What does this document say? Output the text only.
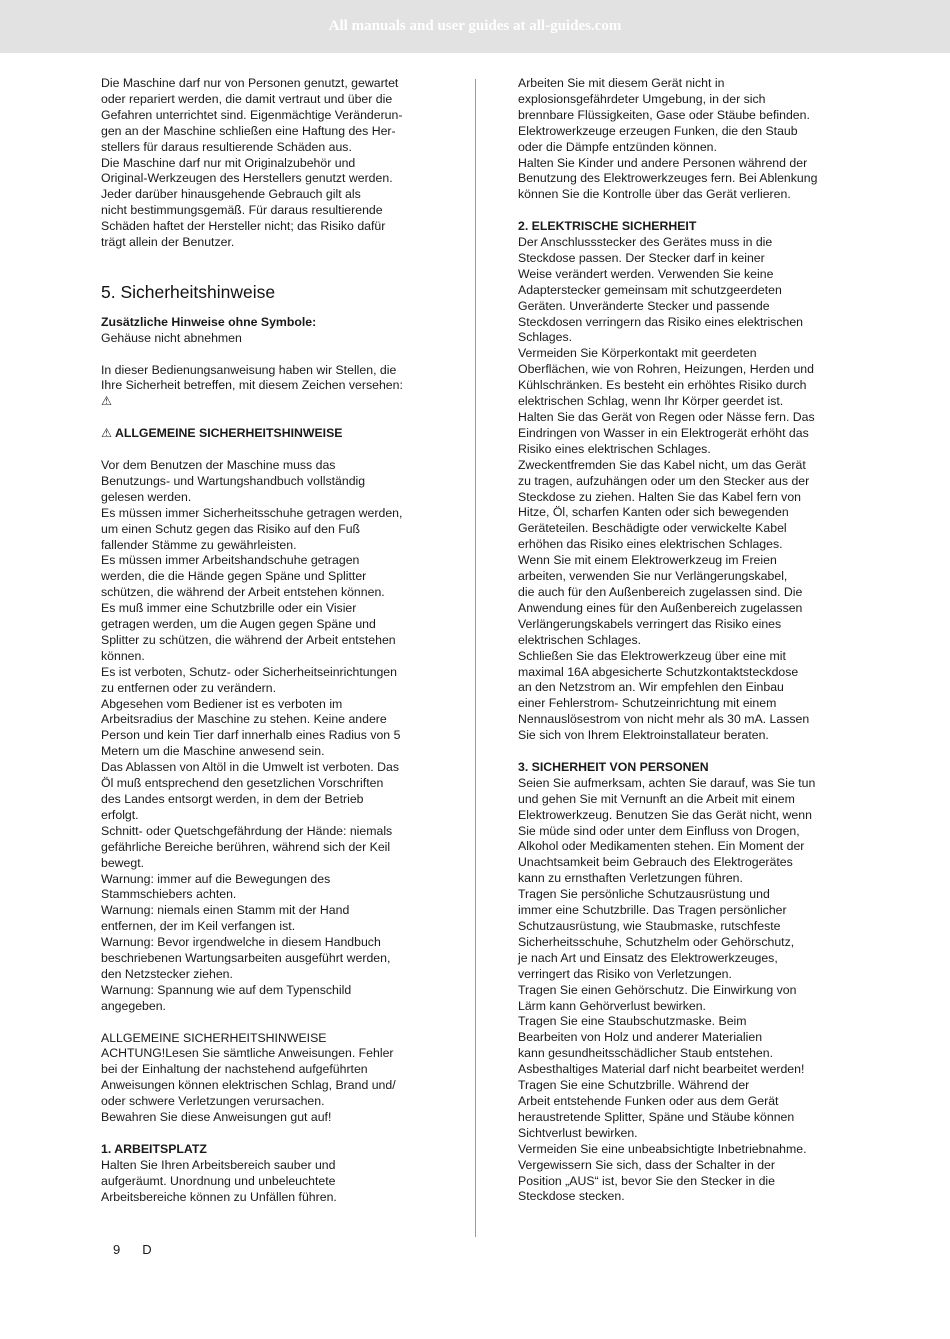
All manuals and user guides at all-guides.com
Die Maschine darf nur von Personen genutzt, gewartet
oder repariert werden, die damit vertraut und über die
Gefahren unterrichtet sind. Eigenmächtige Veränderun-
gen an der Maschine schließen eine Haftung des Her-
stellers für daraus resultierende Schäden aus.
Die Maschine darf nur mit Originalzubehör und
Original-Werkzeugen des Herstellers genutzt werden.
Jeder darüber hinausgehende Gebrauch gilt als
nicht bestimmungsgemäß. Für daraus resultierende
Schäden haftet der Hersteller nicht; das Risiko dafür
trägt allein der Benutzer.
5. Sicherheitshinweise
Zusätzliche Hinweise ohne Symbole:
Gehäuse nicht abnehmen
In dieser Bedienungsanweisung haben wir Stellen, die
Ihre Sicherheit betreffen, mit diesem Zeichen versehen:
⚠
⚠ ALLGEMEINE SICHERHEITSHINWEISE
Vor dem Benutzen der Maschine muss das
Benutzungs- und Wartungshandbuch vollständig
gelesen werden.
Es müssen immer Sicherheitsschuhe getragen werden,
um einen Schutz gegen das Risiko auf den Fuß
fallender Stämme zu gewährleisten.
Es müssen immer Arbeitshandschuhe getragen
werden, die die Hände gegen Späne und Splitter
schützen, die während der Arbeit entstehen können.
Es muß immer eine Schutzbrille oder ein Visier
getragen werden, um die Augen gegen Späne und
Splitter zu schützen, die während der Arbeit entstehen
können.
Es ist verboten, Schutz- oder Sicherheitseinrichtungen
zu entfernen oder zu verändern.
Abgesehen vom Bediener ist es verboten im
Arbeitsradius der Maschine zu stehen. Keine andere
Person und kein Tier darf innerhalb eines Radius von 5
Metern um die Maschine anwesend sein.
Das Ablassen von Altöl in die Umwelt ist verboten. Das
Öl muß entsprechend den gesetzlichen Vorschriften
des Landes entsorgt werden, in dem der Betrieb
erfolgt.
Schnitt- oder Quetschgefährdung der Hände: niemals
gefährliche Bereiche berühren, während sich der Keil
bewegt.
Warnung: immer auf die Bewegungen des
Stammschiebers achten.
Warnung: niemals einen Stamm mit der Hand
entfernen, der im Keil verfangen ist.
Warnung: Bevor irgendwelche in diesem Handbuch
beschriebenen Wartungsarbeiten ausgeführt werden,
den Netzstecker ziehen.
Warnung: Spannung wie auf dem Typenschild
angegeben.
ALLGEMEINE SICHERHEITSHINWEISE
ACHTUNG!Lesen Sie sämtliche Anweisungen. Fehler
bei der Einhaltung der nachstehend aufgeführten
Anweisungen können elektrischen Schlag, Brand und/
oder schwere Verletzungen verursachen.
Bewahren Sie diese Anweisungen gut auf!
1. ARBEITSPLATZ
Halten Sie Ihren Arbeitsbereich sauber und
aufgeräumt. Unordnung und unbeleuchtete
Arbeitsbereiche können zu Unfällen führen.
Arbeiten Sie mit diesem Gerät nicht in
explosionsgefährdeter Umgebung, in der sich
brennbare Flüssigkeiten, Gase oder Stäube befinden.
Elektrowerkzeuge erzeugen Funken, die den Staub
oder die Dämpfe entzünden können.
Halten Sie Kinder und andere Personen während der
Benutzung des Elektrowerkzeuges fern. Bei Ablenkung
können Sie die Kontrolle über das Gerät verlieren.
2. ELEKTRISCHE SICHERHEIT
Der Anschlussstecker des Gerätes muss in die
Steckdose passen. Der Stecker darf in keiner
Weise verändert werden. Verwenden Sie keine
Adapterstecker gemeinsam mit schutzgeerdeten
Geräten. Unveränderte Stecker und passende
Steckdosen verringern das Risiko eines elektrischen
Schlages.
Vermeiden Sie Körperkontakt mit geerdeten
Oberflächen, wie von Rohren, Heizungen, Herden und
Kühlschränken. Es besteht ein erhöhtes Risiko durch
elektrischen Schlag, wenn Ihr Körper geerdet ist.
Halten Sie das Gerät von Regen oder Nässe fern. Das
Eindringen von Wasser in ein Elektrogerät erhöht das
Risiko eines elektrischen Schlages.
Zweckentfremden Sie das Kabel nicht, um das Gerät
zu tragen, aufzuhängen oder um den Stecker aus der
Steckdose zu ziehen. Halten Sie das Kabel fern von
Hitze, Öl, scharfen Kanten oder sich bewegenden
Geräteteilen. Beschädigte oder verwickelte Kabel
erhöhen das Risiko eines elektrischen Schlages.
Wenn Sie mit einem Elektrowerkzeug im Freien
arbeiten, verwenden Sie nur Verlängerungskabel,
die auch für den Außenbereich zugelassen sind. Die
Anwendung eines für den Außenbereich zugelassen
Verlängerungskabels verringert das Risiko eines
elektrischen Schlages.
Schließen Sie das Elektrowerkzeug über eine mit
maximal 16A abgesicherte Schutzkontaktsteckdose
an den Netzstrom an. Wir empfehlen den Einbau
einer Fehlerstrom- Schutzeinrichtung mit einem
Nennauslösestrom von nicht mehr als 30 mA. Lassen
Sie sich von Ihrem Elektroinstallateur beraten.
3. SICHERHEIT VON PERSONEN
Seien Sie aufmerksam, achten Sie darauf, was Sie tun
und gehen Sie mit Vernunft an die Arbeit mit einem
Elektrowerkzeug. Benutzen Sie das Gerät nicht, wenn
Sie müde sind oder unter dem Einfluss von Drogen,
Alkohol oder Medikamenten stehen. Ein Moment der
Unachtsamkeit beim Gebrauch des Elektrogerätes
kann zu ernsthaften Verletzungen führen.
Tragen Sie persönliche Schutzausrüstung und
immer eine Schutzbrille. Das Tragen persönlicher
Schutzausrüstung, wie Staubmaske, rutschfeste
Sicherheitsschuhe, Schutzhelm oder Gehörschutz,
je nach Art und Einsatz des Elektrowerkzeuges,
verringert das Risiko von Verletzungen.
Tragen Sie einen Gehörschutz. Die Einwirkung von
Lärm kann Gehörverlust bewirken.
Tragen Sie eine Staubschutzmaske. Beim
Bearbeiten von Holz und anderer Materialien
kann gesundheitsschädlicher Staub entstehen.
Asbesthaltiges Material darf nicht bearbeitet werden!
Tragen Sie eine Schutzbrille. Während der
Arbeit entstehende Funken oder aus dem Gerät
heraustretende Splitter, Späne und Stäube können
Sichtverlust bewirken.
Vermeiden Sie eine unbeabsichtigte Inbetriebnahme.
Vergewissern Sie sich, dass der Schalter in der
Position „AUS“ ist, bevor Sie den Stecker in die
Steckdose stecken.
9 D
